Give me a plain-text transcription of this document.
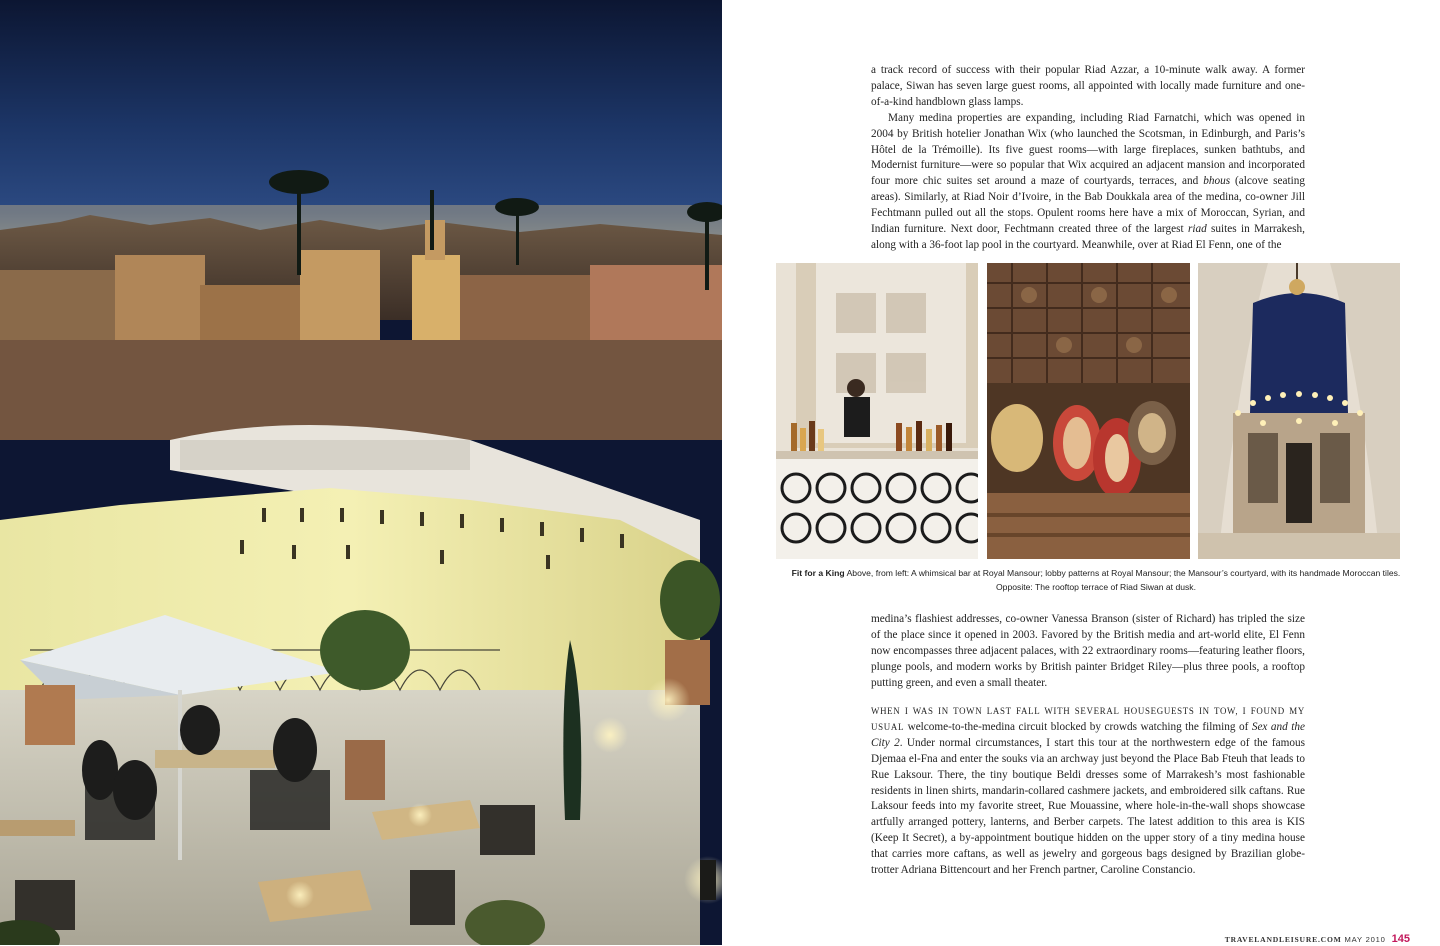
a track record of success with their popular Riad Azzar, a 10-minute walk away. A former palace, Siwan has seven large guest rooms, all appointed with locally made furniture and one-of-a-kind handblown glass lamps.

Many medina properties are expanding, including Riad Farnatchi, which was opened in 2004 by British hotelier Jonathan Wix (who launched the Scotsman, in Edinburgh, and Paris’s Hôtel de la Trémoille). Its five guest rooms—with large fireplaces, sunken bathtubs, and Modernist furniture—were so popular that Wix acquired an adjacent mansion and incorporated four more chic suites set around a maze of courtyards, terraces, and bhous (alcove seating areas). Similarly, at Riad Noir d’Ivoire, in the Bab Doukkala area of the medina, co-owner Jill Fechtmann pulled out all the stops. Opulent rooms here have a mix of Moroccan, Syrian, and Indian furniture. Next door, Fechtmann created three of the largest riad suites in Marrakesh, along with a 36-foot lap pool in the courtyard. Meanwhile, over at Riad El Fenn, one of the

Fit for a King Above, from left: A whimsical bar at Royal Mansour; lobby patterns at Royal Mansour; the Mansour’s courtyard, with its handmade Moroccan tiles. Opposite: The rooftop terrace of Riad Siwan at dusk.

medina’s flashiest addresses, co-owner Vanessa Branson (sister of Richard) has tripled the size of the place since it opened in 2003. Favored by the British media and art-world elite, El Fenn now encompasses three adjacent palaces, with 22 extraordinary rooms—featuring leather floors, plunge pools, and modern works by British painter Bridget Riley—plus three pools, a rooftop putting green, and even a small theater.

WHEN I WAS IN TOWN LAST FALL WITH SEVERAL HOUSEGUESTS IN TOW, I FOUND MY USUAL welcome-to-the-medina circuit blocked by crowds watching the filming of Sex and the City 2. Under normal circumstances, I start this tour at the northwestern edge of the famous Djemaa el-Fna and enter the souks via an archway just beyond the Place Bab Fteuh that leads to Rue Laksour. There, the tiny boutique Beldi dresses some of Marrakesh’s most fashionable residents in linen shirts, mandarin-collared cashmere jackets, and embroidered silk caftans. Rue Laksour feeds into my favorite street, Rue Mouassine, where hole-in-the-wall shops showcase artfully arranged pottery, lanterns, and Berber carpets. The latest addition to this area is KIS (Keep It Secret), a by-appointment boutique hidden on the upper story of a tiny medina house that carries more caftans, as well as jewelry and gorgeous bags designed by Brazilian globe-trotter Adriana Bittencourt and her French partner, Caroline Constancio.

TRAVELANDLEISURE.COM MAY 2010 145
